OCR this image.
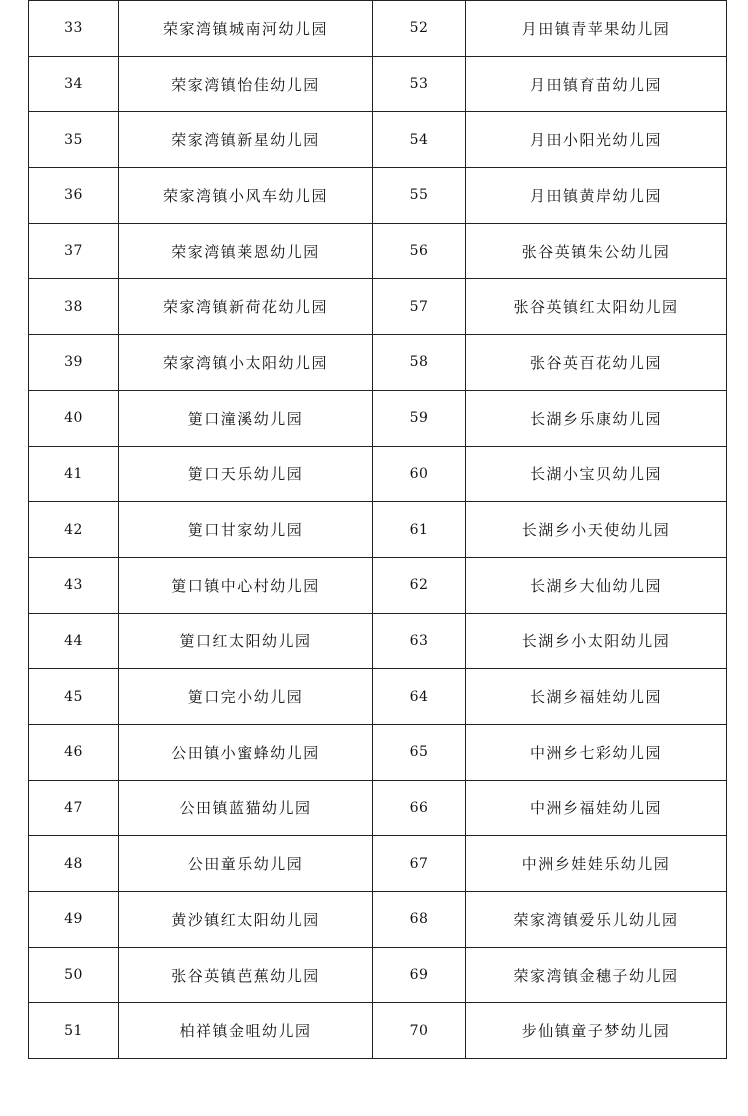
33	荣家湾镇城南河幼儿园	52	月田镇青苹果幼儿园
34	荣家湾镇怡佳幼儿园	53	月田镇育苗幼儿园
35	荣家湾镇新星幼儿园	54	月田小阳光幼儿园
36	荣家湾镇小风车幼儿园	55	月田镇黄岸幼儿园
37	荣家湾镇莱恩幼儿园	56	张谷英镇朱公幼儿园
38	荣家湾镇新荷花幼儿园	57	张谷英镇红太阳幼儿园
39	荣家湾镇小太阳幼儿园	58	张谷英百花幼儿园
40	筻口潼溪幼儿园	59	长湖乡乐康幼儿园
41	筻口天乐幼儿园	60	长湖小宝贝幼儿园
42	筻口甘家幼儿园	61	长湖乡小天使幼儿园
43	筻口镇中心村幼儿园	62	长湖乡大仙幼儿园
44	筻口红太阳幼儿园	63	长湖乡小太阳幼儿园
45	筻口完小幼儿园	64	长湖乡福娃幼儿园
46	公田镇小蜜蜂幼儿园	65	中洲乡七彩幼儿园
47	公田镇蓝猫幼儿园	66	中洲乡福娃幼儿园
48	公田童乐幼儿园	67	中洲乡娃娃乐幼儿园
49	黄沙镇红太阳幼儿园	68	荣家湾镇爱乐儿幼儿园
50	张谷英镇芭蕉幼儿园	69	荣家湾镇金穗子幼儿园
51	柏祥镇金咀幼儿园	70	步仙镇童子梦幼儿园
